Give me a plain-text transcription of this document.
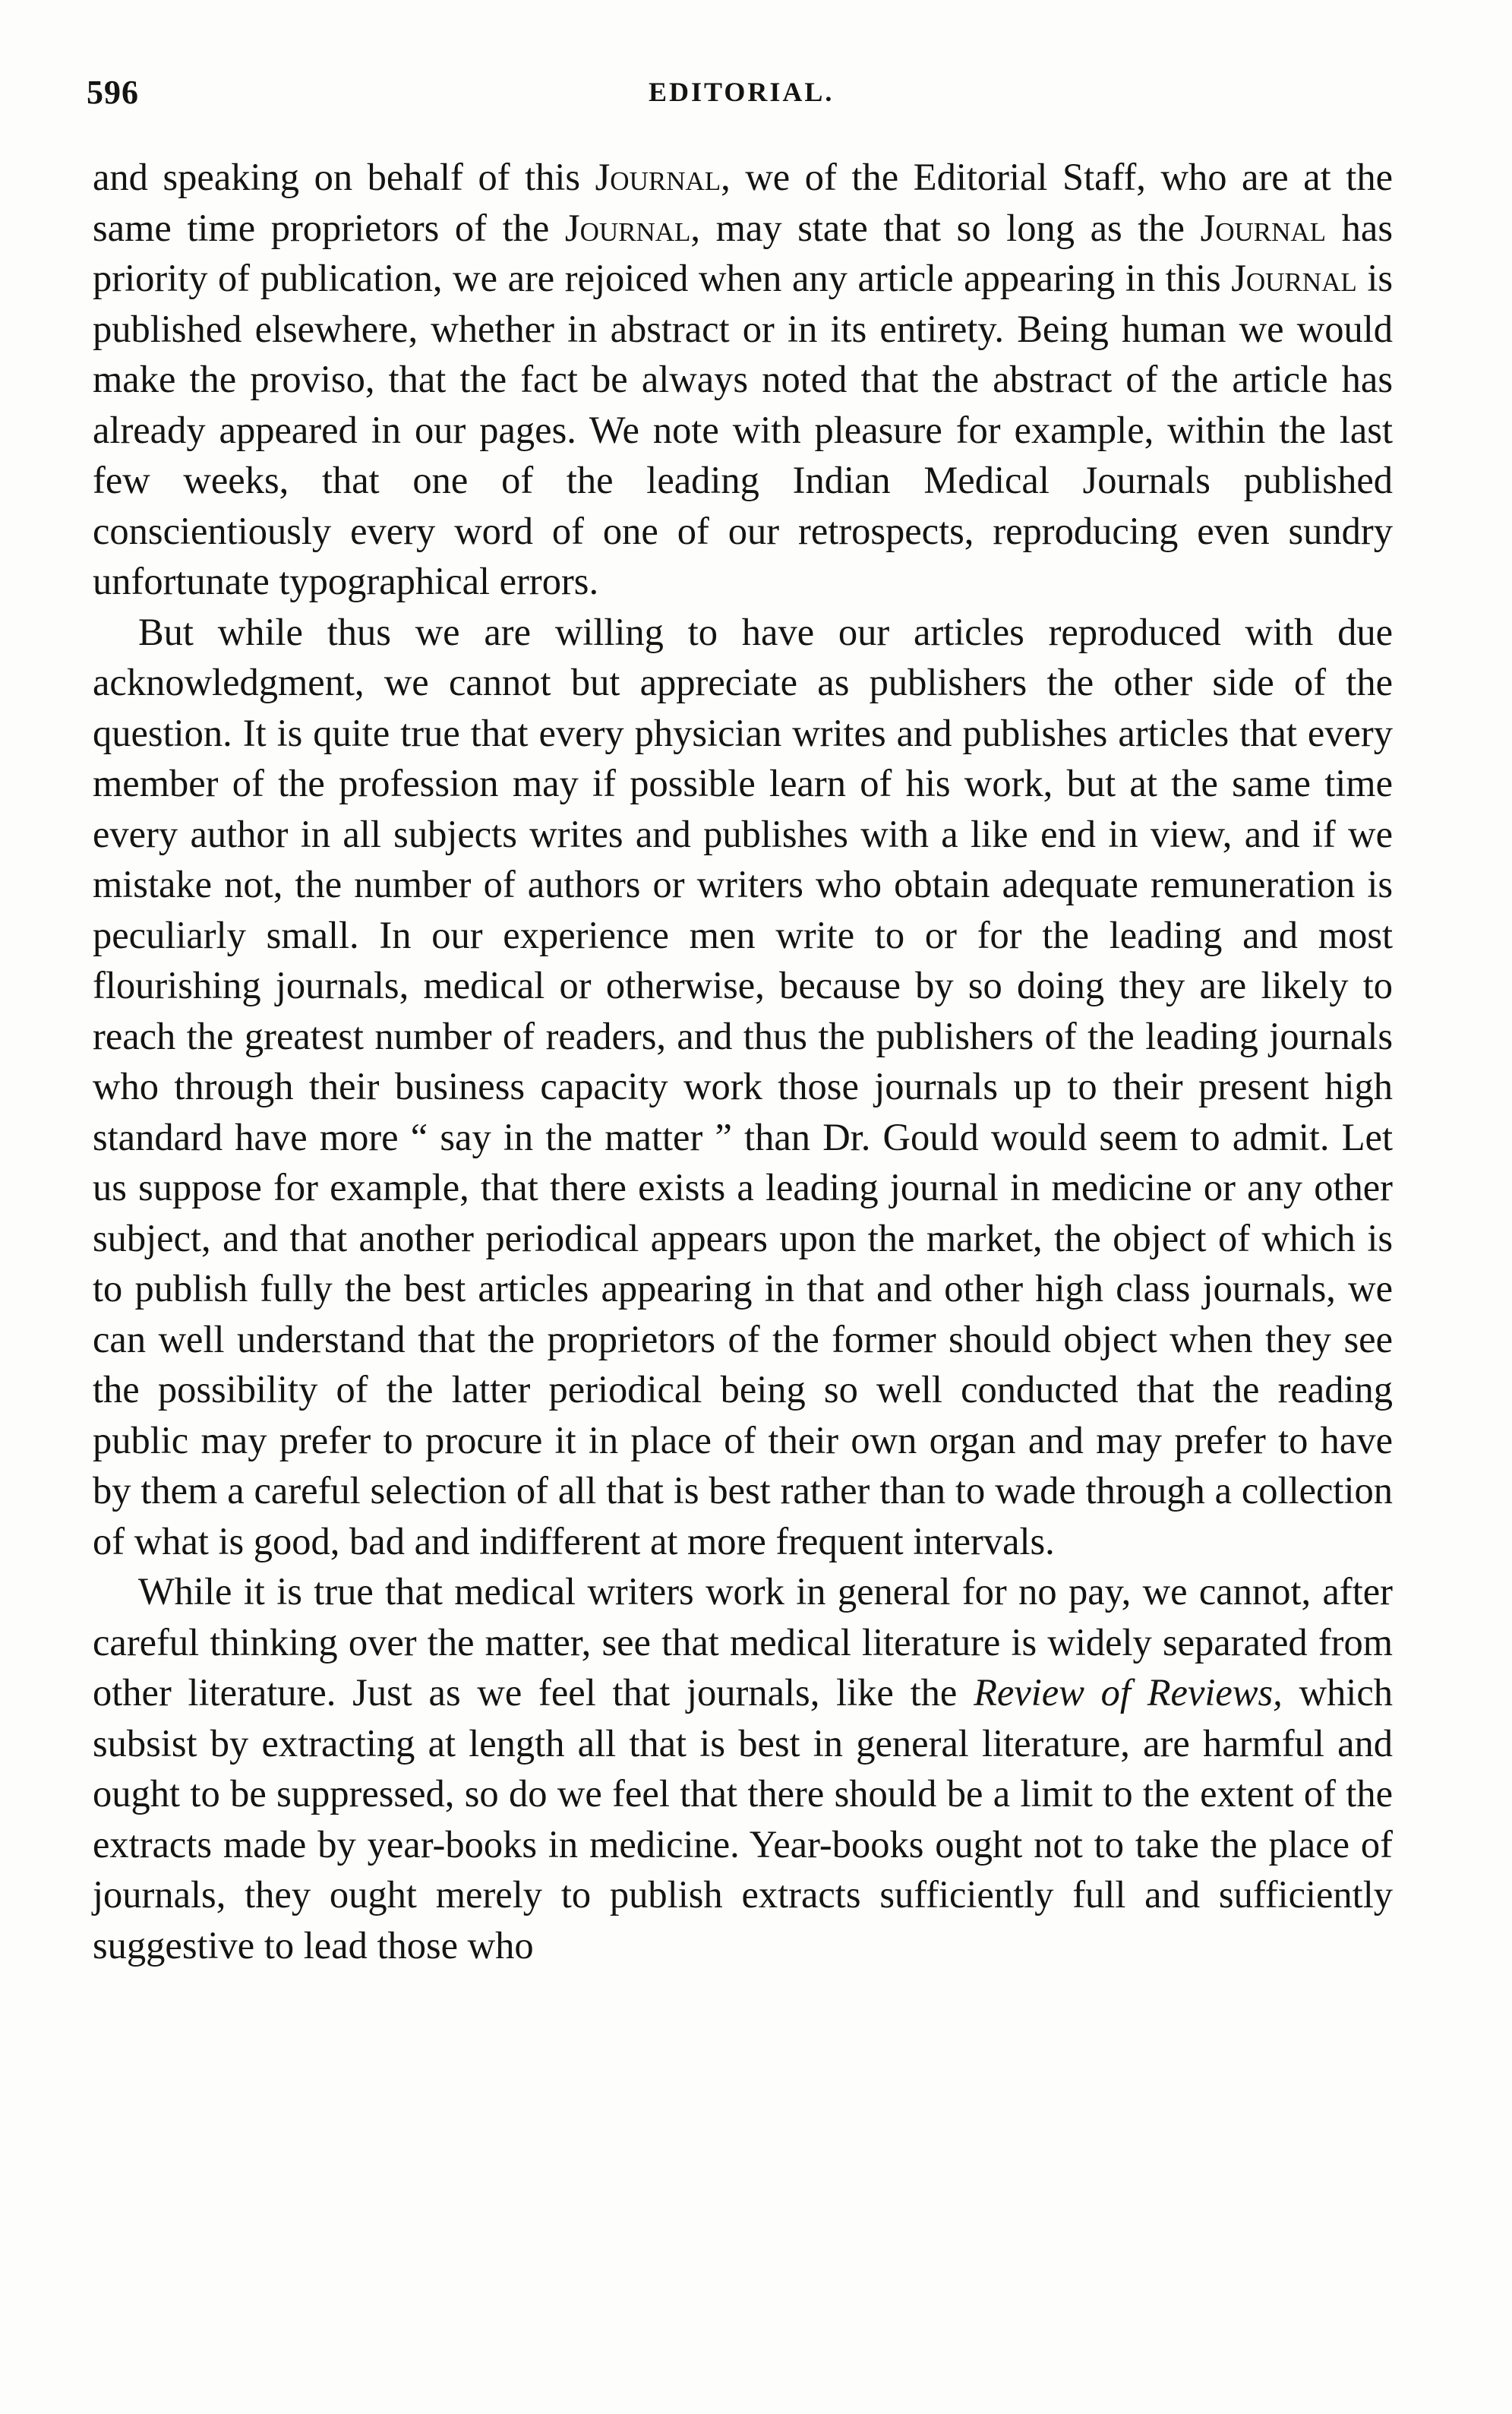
596	EDITORIAL.

and speaking on behalf of this Journal, we of the Editorial Staff, who are at the same time proprietors of the Journal, may state that so long as the Journal has priority of publication, we are rejoiced when any article appearing in this Journal is published elsewhere, whether in abstract or in its entirety. Being human we would make the proviso, that the fact be always noted that the abstract of the article has already appeared in our pages. We note with pleasure for example, within the last few weeks, that one of the leading Indian Medical Journals published conscientiously every word of one of our retrospects, reproducing even sundry unfortunate typographical errors.

But while thus we are willing to have our articles reproduced with due acknowledgment, we cannot but appreciate as publishers the other side of the question. It is quite true that every physician writes and publishes articles that every member of the profession may if possible learn of his work, but at the same time every author in all subjects writes and publishes with a like end in view, and if we mistake not, the number of authors or writers who obtain adequate remuneration is peculiarly small. In our experience men write to or for the leading and most flourishing journals, medical or otherwise, because by so doing they are likely to reach the greatest number of readers, and thus the publishers of the leading journals who through their business capacity work those journals up to their present high standard have more “ say in the matter ” than Dr. Gould would seem to admit. Let us suppose for example, that there exists a leading journal in medicine or any other subject, and that another periodical appears upon the market, the object of which is to publish fully the best articles appearing in that and other high class journals, we can well understand that the proprietors of the former should object when they see the possibility of the latter periodical being so well conducted that the reading public may prefer to procure it in place of their own organ and may prefer to have by them a careful selection of all that is best rather than to wade through a collection of what is good, bad and indifferent at more frequent intervals.

While it is true that medical writers work in general for no pay, we cannot, after careful thinking over the matter, see that medical literature is widely separated from other literature. Just as we feel that journals, like the Review of Reviews, which subsist by extracting at length all that is best in general literature, are harmful and ought to be suppressed, so do we feel that there should be a limit to the extent of the extracts made by year-books in medicine. Year-books ought not to take the place of journals, they ought merely to publish extracts sufficiently full and sufficiently suggestive to lead those who
